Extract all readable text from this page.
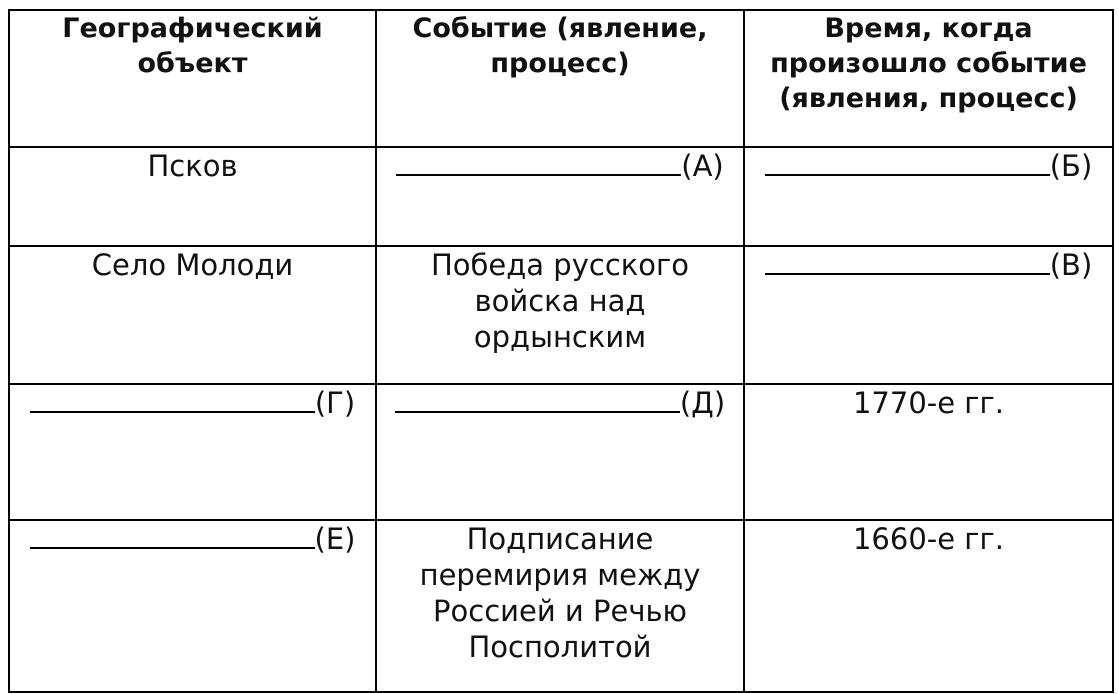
Географический
объект	Событие (явление,
процесс)	Время, когда
произошло событие
(явления, процесс)

Псков	(А)	(Б)
Село Молоди	Победа русского
войска над
ордынским	(В)
(Г)	(Д)	1770-е гг.
(Е)	Подписание
перемирия между
Россией и Речью
Посполитой	1660-е гг.
